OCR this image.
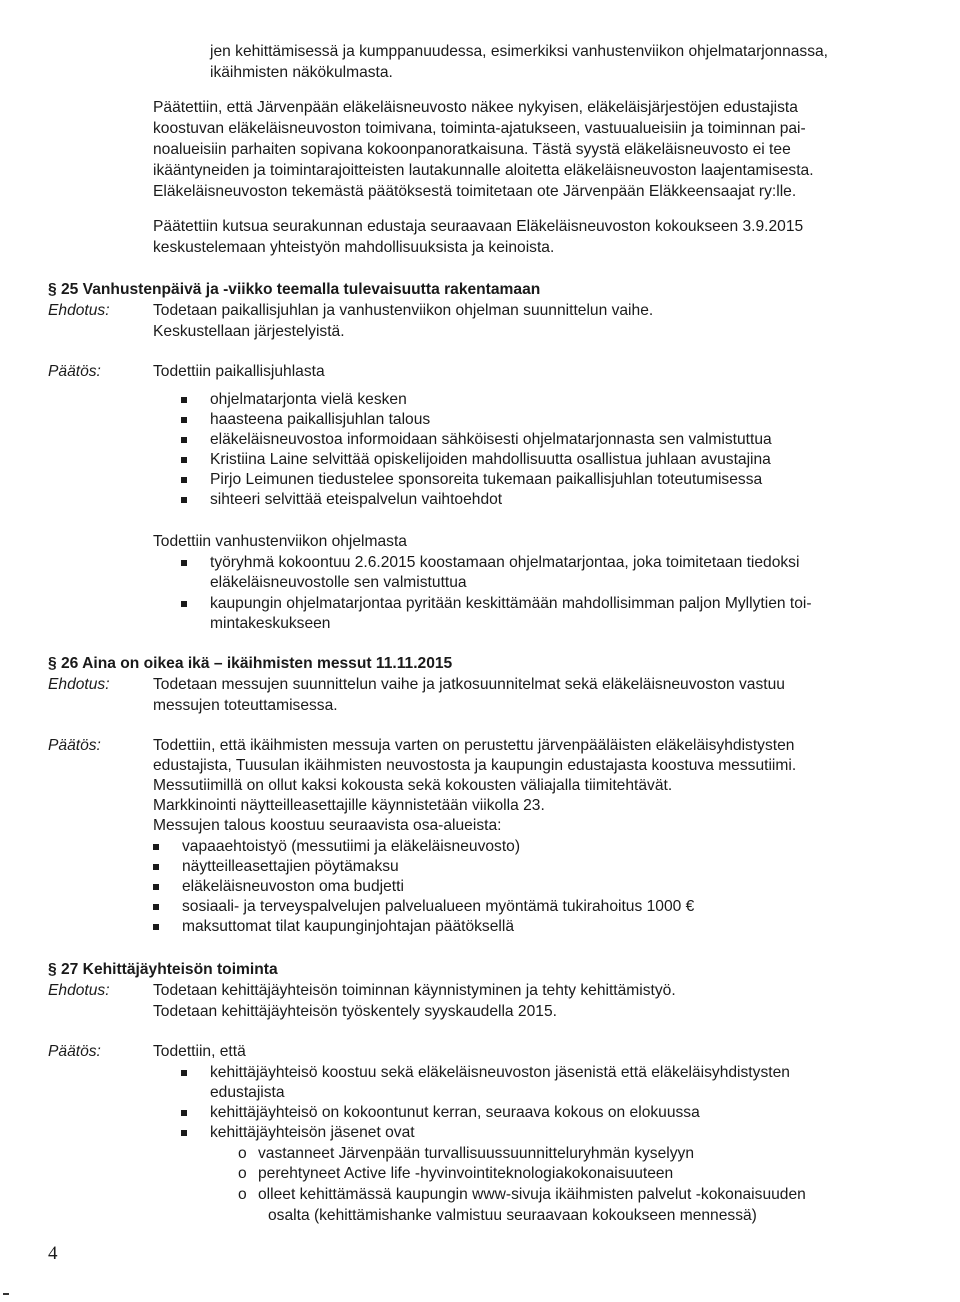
jen kehittämisessä ja kumppanuudessa, esimerkiksi vanhustenviikon ohjelmatarjonnassa,
ikäihmisten näkökulmasta.
Päätettiin, että Järvenpään eläkeläisneuvosto näkee nykyisen, eläkeläisjärjestöjen edustajista
koostuvan eläkeläisneuvoston toimivana, toiminta-ajatukseen, vastuualueisiin ja toiminnan pai-
noalueisiin parhaiten sopivana kokoonpanoratkaisuna. Tästä syystä eläkeläisneuvosto ei tee
ikääntyneiden ja toimintarajoitteisten lautakunnalle aloitetta eläkeläisneuvoston laajentamisesta.
Eläkeläisneuvoston tekemästä päätöksestä toimitetaan ote Järvenpään Eläkkeensaajat ry:lle.
Päätettiin kutsua seurakunnan edustaja seuraavaan Eläkeläisneuvoston kokoukseen 3.9.2015
keskustelemaan yhteistyön mahdollisuuksista ja keinoista.
§ 25 Vanhustenpäivä ja -viikko teemalla tulevaisuutta rakentamaan
Ehdotus:	Todetaan paikallisjuhlan ja vanhustenviikon ohjelman suunnittelun vaihe.
Keskustellaan järjestelyistä.
Päätös:	Todettiin paikallisjuhlasta
ohjelmatarjonta vielä kesken
haasteena paikallisjuhlan talous
eläkeläisneuvostoa informoidaan sähköisesti ohjelmatarjonnasta sen valmistuttua
Kristiina Laine selvittää opiskelijoiden mahdollisuutta osallistua juhlaan avustajina
Pirjo Leimunen tiedustelee sponsoreita tukemaan paikallisjuhlan toteutumisessa
sihteeri selvittää eteispalvelun vaihtoehdot
Todettiin vanhustenviikon ohjelmasta
työryhmä kokoontuu 2.6.2015 koostamaan ohjelmatarjontaa, joka toimitetaan tiedoksi
eläkeläisneuvostolle sen valmistuttua
kaupungin ohjelmatarjontaa pyritään keskittämään mahdollisimman paljon Myllytien toi-
mintakeskukseen
§ 26 Aina on oikea ikä – ikäihmisten messut 11.11.2015
Ehdotus:	Todetaan messujen suunnittelun vaihe ja jatkosuunnitelmat sekä eläkeläisneuvoston vastuu
messujen toteuttamisessa.
Päätös:	Todettiin, että ikäihmisten messuja varten on perustettu järvenpääläisten eläkeläisyhdistysten
edustajista, Tuusulan ikäihmisten neuvostosta ja kaupungin edustajasta koostuva messutiimi.
Messutiimillä on ollut kaksi kokousta sekä kokousten väliajalla tiimitehtävät.
Markkinointi näytteilleasettajille käynnistetään viikolla 23.
Messujen talous koostuu seuraavista osa-alueista:
vapaaehtoistyö (messutiimi ja eläkeläisneuvosto)
näytteilleasettajien pöytämaksu
eläkeläisneuvoston oma budjetti
sosiaali- ja terveyspalvelujen palvelualueen myöntämä tukirahoitus 1000 €
maksuttomat tilat kaupunginjohtajan päätöksellä
§ 27 Kehittäjäyhteisön toiminta
Ehdotus:	Todetaan kehittäjäyhteisön toiminnan käynnistyminen ja tehty kehittämistyö.
Todetaan kehittäjäyhteisön työskentely syyskaudella 2015.
Päätös:	Todettiin, että
kehittäjäyhteisö koostuu sekä eläkeläisneuvoston jäsenistä että eläkeläisyhdistysten
edustajista
kehittäjäyhteisö on kokoontunut kerran, seuraava kokous on elokuussa
kehittäjäyhteisön jäsenet ovat
o vastanneet Järvenpään turvallisuussuunnitteluryhmän kyselyyn
o perehtyneet Active life -hyvinvointiteknologiakokonaisuuteen
o olleet kehittämässä kaupungin www-sivuja ikäihmisten palvelut -kokonaisuuden
osalta (kehittämishanke valmistuu seuraavaan kokoukseen mennessä)
4
